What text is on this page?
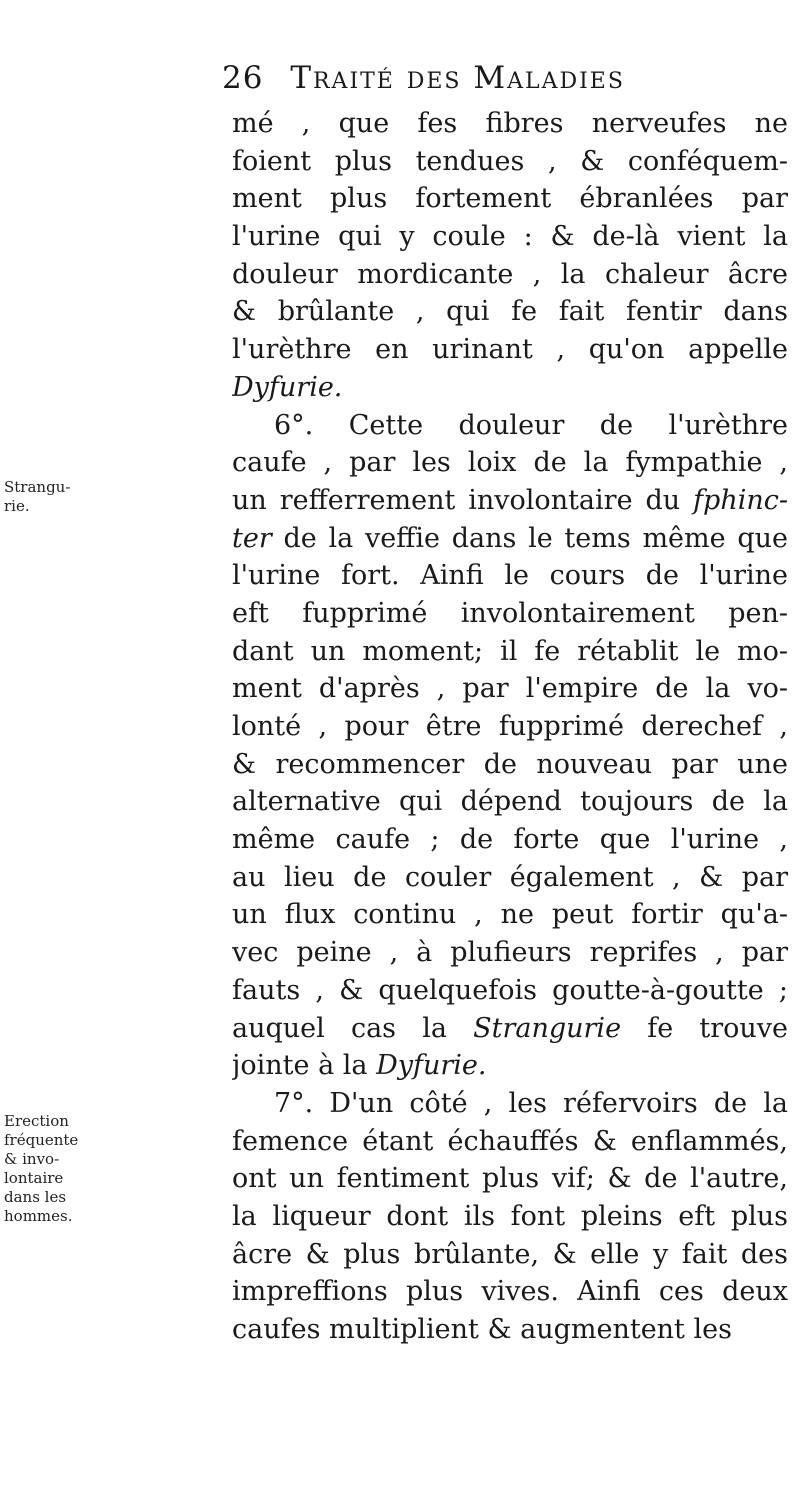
26 Traité des Maladies
mé , que fes fibres nerveufes ne
foient plus tendues , & conféquem-
ment plus fortement ébranlées par
l'urine qui y coule : & de-là vient la
douleur mordicante , la chaleur âcre
& brûlante , qui fe fait fentir dans
l'urèthre en urinant , qu'on appelle
Dyfurie.
6°. Cette douleur de l'urèthre
caufe , par les loix de la fympathie ,
un refferrement involontaire du fphinc-
ter de la veffie dans le tems même que
l'urine fort. Ainfi le cours de l'urine
eft fupprimé involontairement pen-
dant un moment; il fe rétablit le mo-
ment d'après , par l'empire de la vo-
lonté , pour être fupprimé derechef ,
& recommencer de nouveau par une
alternative qui dépend toujours de la
même caufe ; de forte que l'urine ,
au lieu de couler également , & par
un flux continu , ne peut fortir qu'a-
vec peine , à plufieurs reprifes , par
fauts , & quelquefois goutte-à-goutte ;
auquel cas la Strangurie fe trouve
jointe à la Dyfurie.
7°. D'un côté , les réfervoirs de la
femence étant échauffés & enflammés,
ont un fentiment plus vif; & de l'autre,
la liqueur dont ils font pleins eft plus
âcre & plus brûlante, & elle y fait des
impreffions plus vives. Ainfi ces deux
caufes multiplient & augmentent les
Strangu-
rie.
Erection
fréquente
& invo-
lontaire
dans les
hommes.
